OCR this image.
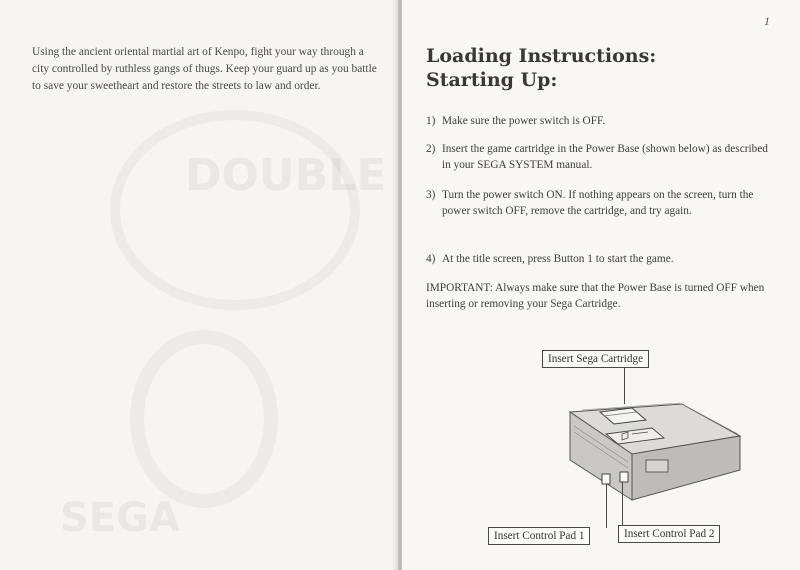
DOUBLE
SEGA
Using the ancient oriental martial art of Kenpo, fight your way through a city controlled by ruthless gangs of thugs. Keep your guard up as you battle to save your sweetheart and restore the streets to law and order.
1
Loading Instructions:
Starting Up:
1) Make sure the power switch is OFF.
2) Insert the game cartridge in the Power Base (shown below) as described in your SEGA SYSTEM manual.
3) Turn the power switch ON. If nothing appears on the screen, turn the power switch OFF, remove the cartridge, and try again.
4) At the title screen, press Button 1 to start the game.
IMPORTANT: Always make sure that the Power Base is turned OFF when inserting or removing your Sega Cartridge.
Insert Sega Cartridge
Insert Control Pad 1	Insert Control Pad 2
